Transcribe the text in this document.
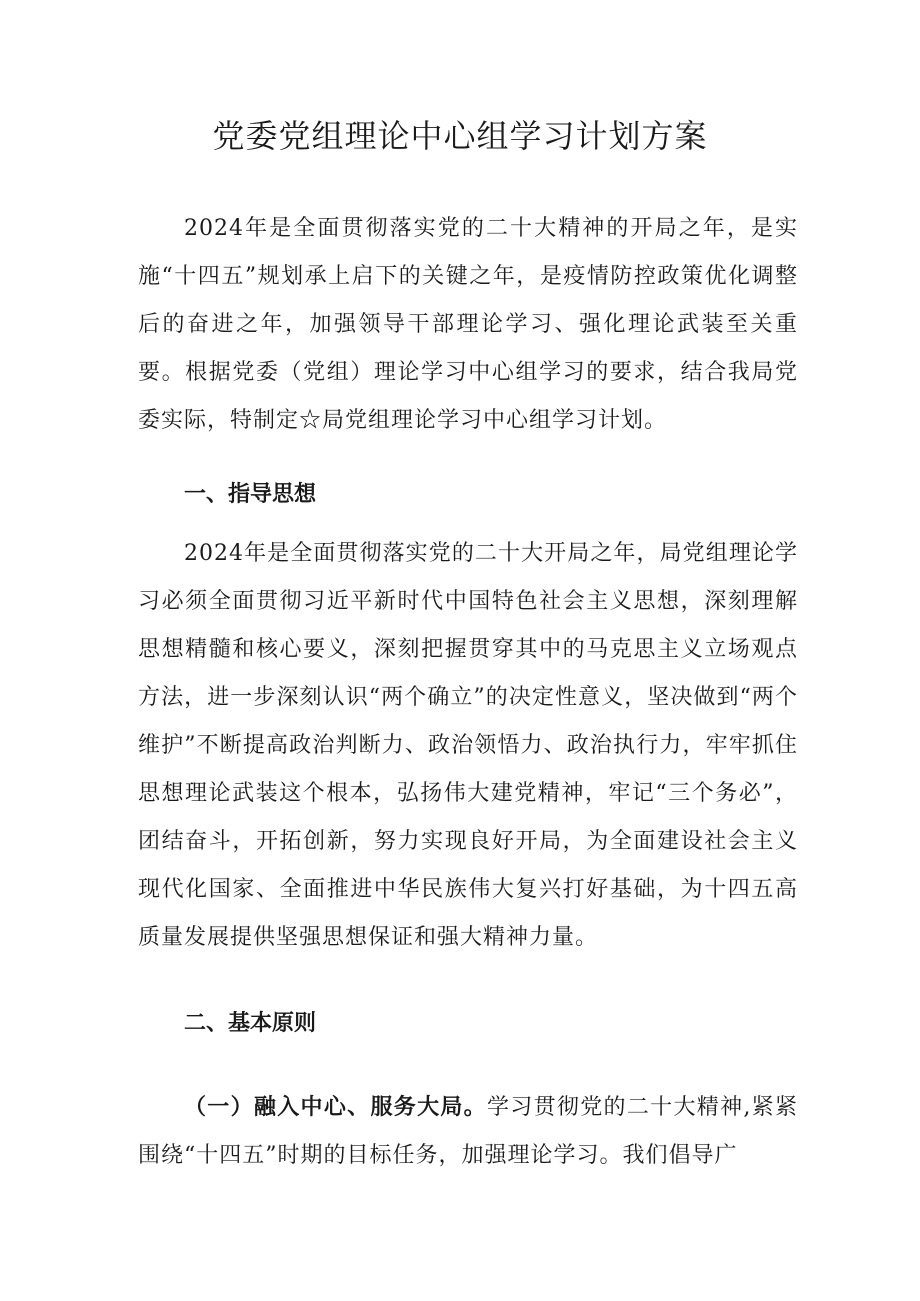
党委党组理论中心组学习计划方案

2024年是全面贯彻落实党的二十大精神的开局之年，是实施“十四五”规划承上启下的关键之年，是疫情防控政策优化调整后的奋进之年，加强领导干部理论学习、强化理论武装至关重要。根据党委（党组）理论学习中心组学习的要求，结合我局党委实际，特制定☆局党组理论学习中心组学习计划。

一、指导思想

2024年是全面贯彻落实党的二十大开局之年，局党组理论学习必须全面贯彻习近平新时代中国特色社会主义思想，深刻理解思想精髓和核心要义，深刻把握贯穿其中的马克思主义立场观点方法，进一步深刻认识“两个确立”的决定性意义，坚决做到“两个维护”不断提高政治判断力、政治领悟力、政治执行力，牢牢抓住思想理论武装这个根本，弘扬伟大建党精神，牢记“三个务必”，团结奋斗，开拓创新，努力实现良好开局，为全面建设社会主义现代化国家、全面推进中华民族伟大复兴打好基础，为十四五高质量发展提供坚强思想保证和强大精神力量。

二、基本原则

（一）融入中心、服务大局。学习贯彻党的二十大精神,紧紧围绕“十四五”时期的目标任务，加强理论学习。我们倡导广
